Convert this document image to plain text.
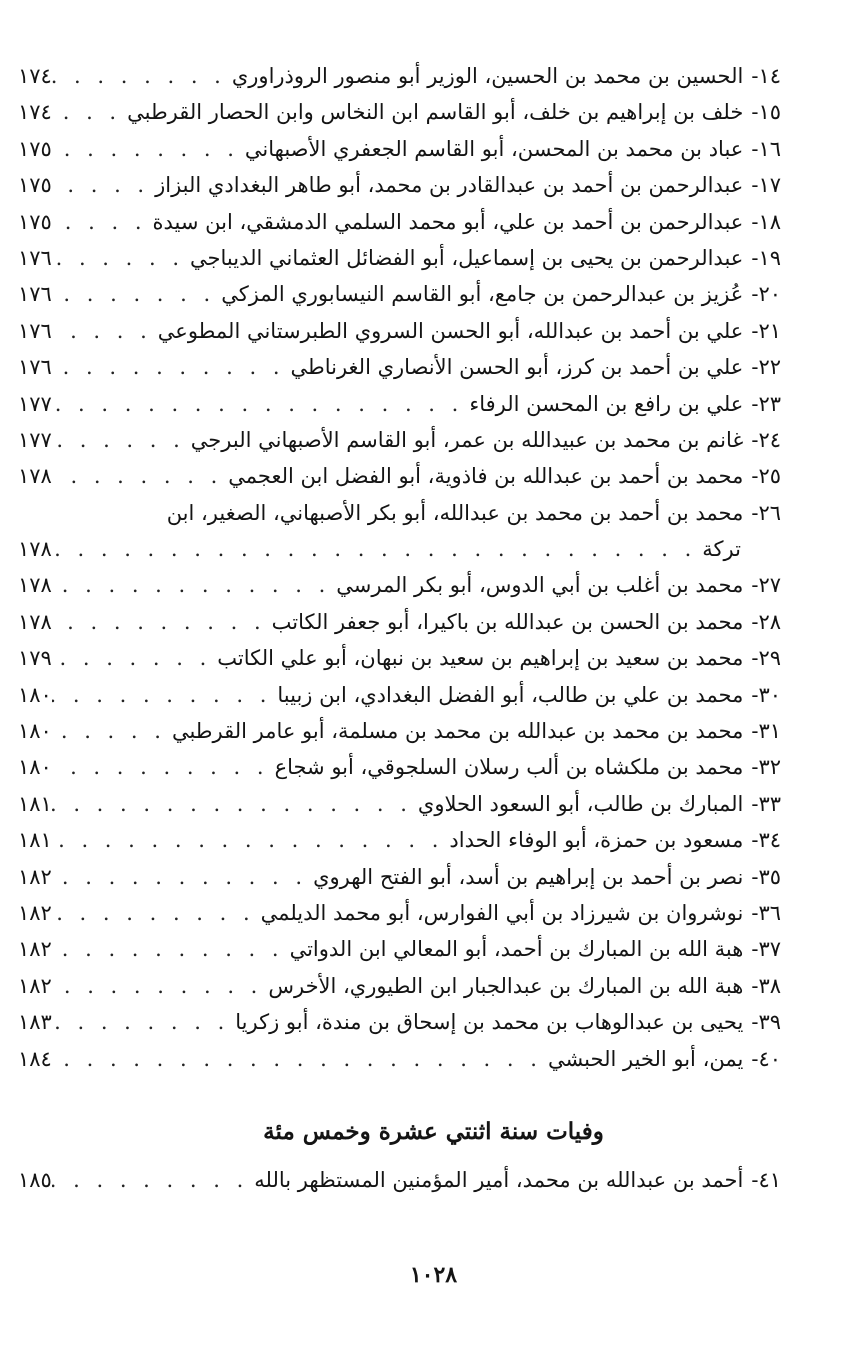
١٤-
الحسين بن محمد بن الحسين، الوزير أبو منصور الروذراوري
. . .
١٧٤
١٥-
خلف بن إبراهيم بن خلف، أبو القاسم ابن النخاس وابن الحصار القرطبي
. . .
١٧٤
١٦-
عباد بن محمد بن المحسن، أبو القاسم الجعفري الأصبهاني
. . .
١٧٥
١٧-
عبدالرحمن بن أحمد بن عبدالقادر بن محمد، أبو طاهر البغدادي البزاز
. . .
١٧٥
١٨-
عبدالرحمن بن أحمد بن علي، أبو محمد السلمي الدمشقي، ابن سيدة
. . .
١٧٥
١٩-
عبدالرحمن بن يحيى بن إسماعيل، أبو الفضائل العثماني الديباجي
. . .
١٧٦
٢٠-
عُزيز بن عبدالرحمن بن جامع، أبو القاسم النيسابوري المزكي
. . .
١٧٦
٢١-
علي بن أحمد بن عبدالله، أبو الحسن السروي الطبرستاني المطوعي
. . .
١٧٦
٢٢-
علي بن أحمد بن كرز، أبو الحسن الأنصاري الغرناطي
. . .
١٧٦
٢٣-
علي بن رافع بن المحسن الرفاء
. . .
١٧٧
٢٤-
غانم بن محمد بن عبيدالله بن عمر، أبو القاسم الأصبهاني البرجي
. . .
١٧٧
٢٥-
محمد بن أحمد بن عبدالله بن فاذوية، أبو الفضل ابن العجمي
. . .
١٧٨
٢٦-
محمد بن أحمد بن محمد بن عبدالله، أبو بكر الأصبهاني، الصغير، ابن
تركة
. . .
١٧٨
٢٧-
محمد بن أغلب بن أبي الدوس، أبو بكر المرسي
. . .
١٧٨
٢٨-
محمد بن الحسن بن عبدالله بن باكيرا، أبو جعفر الكاتب
. . .
١٧٨
٢٩-
محمد بن سعيد بن إبراهيم بن سعيد بن نبهان، أبو علي الكاتب
. . .
١٧٩
٣٠-
محمد بن علي بن طالب، أبو الفضل البغدادي، ابن زبيبا
. . .
١٨٠
٣١-
محمد بن محمد بن عبدالله بن محمد بن مسلمة، أبو عامر القرطبي
. . .
١٨٠
٣٢-
محمد بن ملكشاه بن ألب رسلان السلجوقي، أبو شجاع
. . .
١٨٠
٣٣-
المبارك بن طالب، أبو السعود الحلاوي
. . .
١٨١
٣٤-
مسعود بن حمزة، أبو الوفاء الحداد
. . .
١٨١
٣٥-
نصر بن أحمد بن إبراهيم بن أسد، أبو الفتح الهروي
. . .
١٨٢
٣٦-
نوشروان بن شيرزاد بن أبي الفوارس، أبو محمد الديلمي
. . .
١٨٢
٣٧-
هبة الله بن المبارك بن أحمد، أبو المعالي ابن الدواتي
. . .
١٨٢
٣٨-
هبة الله بن المبارك بن عبدالجبار ابن الطيوري، الأخرس
. . .
١٨٢
٣٩-
يحيى بن عبدالوهاب بن محمد بن إسحاق بن مندة، أبو زكريا
. . .
١٨٣
٤٠-
يمن، أبو الخير الحبشي
. . .
١٨٤
وفيات سنة اثنتي عشرة وخمس مئة
٤١-
أحمد بن عبدالله بن محمد، أمير المؤمنين المستظهر بالله
. . .
١٨٥
١٠٢٨
